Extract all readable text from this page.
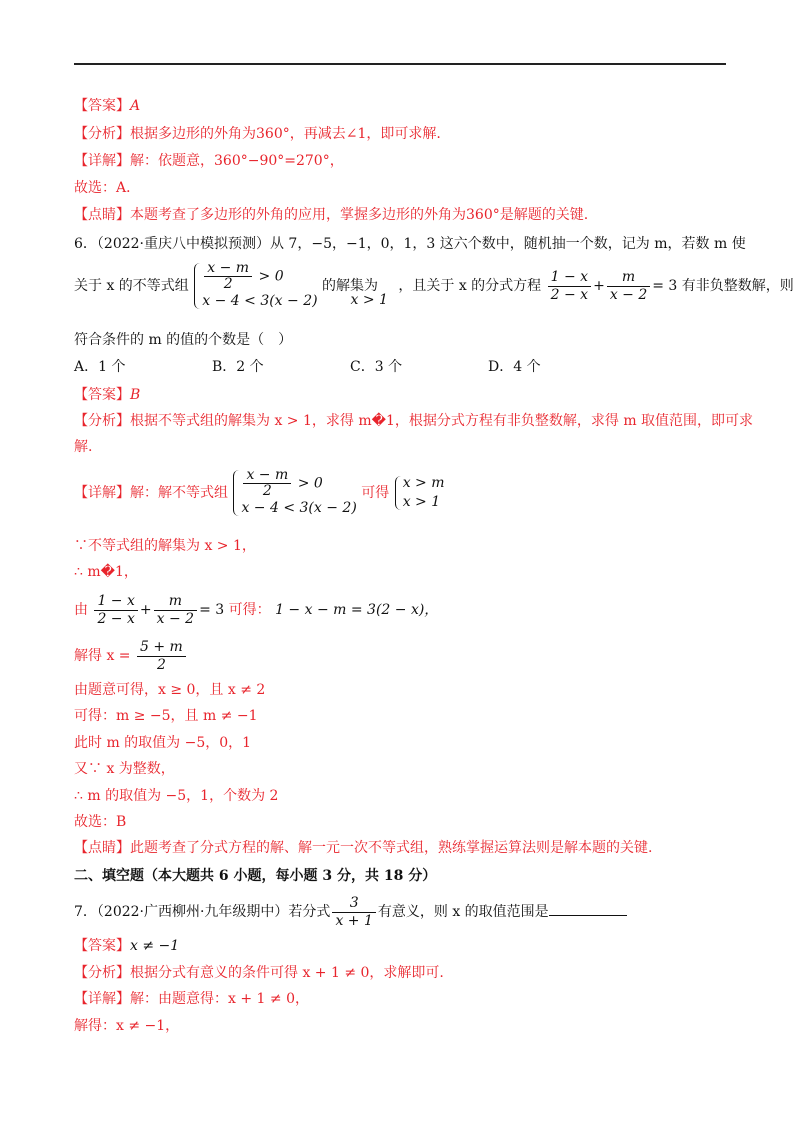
【答案】A
【分析】根据多边形的外角为360°，再减去∠1，即可求解.
【详解】解：依题意，360°−90°=270°，
故选：A．
【点睛】本题考查了多边形的外角的应用，掌握多边形的外角为360°是解题的关键.
6．（2022·重庆八中模拟预测）从 7，−5，−1，0，1，3 这六个数中，随机抽一个数，记为 m，若数 m 使
关于 x 的不等式组 $\frac{x - m}{2} > 0$
x − 4 < 3(x − 2)
的解集为 x > 1 ，且关于 x 的分式方程 $\frac{1 - x}{2 - x} + \frac{m}{x - 2} = 3$ 有非负整数解，则
符合条件的 m 的值的个数是（　）
A．1 个	B．2 个	C．3 个	D．4 个
【答案】B
【分析】根据不等式组的解集为 x > 1，求得 m�1，根据分式方程有非负整数解，求得 m 取值范围，即可求
解.
【详解】解：解不等式组 $\frac{x - m}{2} > 0$
x − 4 < 3(x − 2)
可得
x > m
x > 1
∵不等式组的解集为 x > 1，
∴ m�1，
由 $\frac{1 - x}{2 - x} + \frac{m}{x - 2} = 3$ 可得： 1 − x − m = 3(2 − x)，
解得 $x = \frac{5 + m}{2}$
由题意可得，x ≥ 0，且 x ≠ 2
可得：m ≥ −5，且 m ≠ −1
此时 m 的取值为 −5，0，1
又∵ x 为整数，
∴ m 的取值为 −5，1，个数为 2
故选：B
【点睛】此题考查了分式方程的解、解一元一次不等式组，熟练掌握运算法则是解本题的关键.
二、填空题（本大题共 6 小题，每小题 3 分，共 18 分）
7．（2022·广西柳州·九年级期中）若分式 $\frac{3}{x + 1}$ 有意义，则 x 的取值范围是
【答案】x ≠ −1
【分析】根据分式有意义的条件可得 x + 1 ≠ 0，求解即可.
【详解】解：由题意得：x + 1 ≠ 0，
解得：x ≠ −1，
